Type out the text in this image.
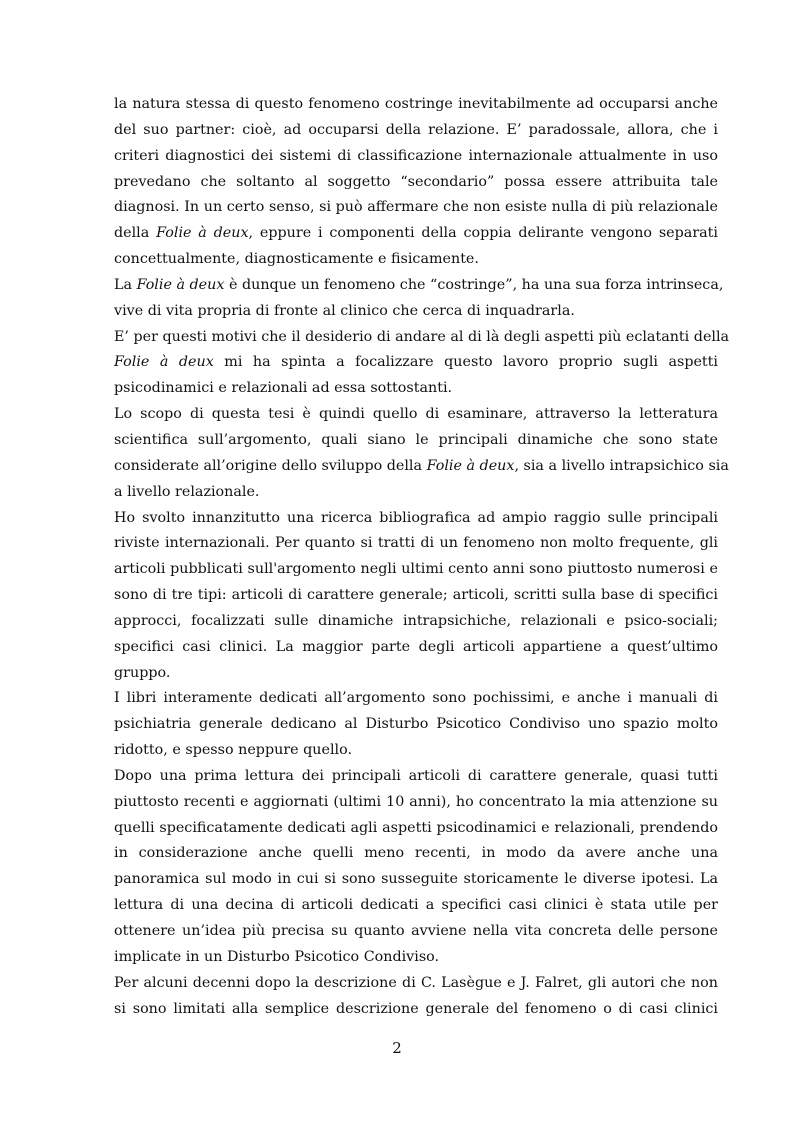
la natura stessa di questo fenomeno costringe inevitabilmente ad occuparsi anche
del suo partner: cioè, ad occuparsi della relazione. E’ paradossale, allora, che i
criteri diagnostici dei sistemi di classificazione internazionale attualmente in uso
prevedano che soltanto al soggetto “secondario” possa essere attribuita tale
diagnosi. In un certo senso, si può affermare che non esiste nulla di più relazionale
della Folie à deux, eppure i componenti della coppia delirante vengono separati
concettualmente, diagnosticamente e fisicamente.
La Folie à deux è dunque un fenomeno che “costringe”, ha una sua forza intrinseca,
vive di vita propria di fronte al clinico che cerca di inquadrarla.
E’ per questi motivi che il desiderio di andare al di là degli aspetti più eclatanti della
Folie à deux mi ha spinta a focalizzare questo lavoro proprio sugli aspetti
psicodinamici e relazionali ad essa sottostanti.
Lo scopo di questa tesi è quindi quello di esaminare, attraverso la letteratura
scientifica sull’argomento, quali siano le principali dinamiche che sono state
considerate all’origine dello sviluppo della Folie à deux, sia a livello intrapsichico sia
a livello relazionale.
Ho svolto innanzitutto una ricerca bibliografica ad ampio raggio sulle principali
riviste internazionali. Per quanto si tratti di un fenomeno non molto frequente, gli
articoli pubblicati sull'argomento negli ultimi cento anni sono piuttosto numerosi e
sono di tre tipi: articoli di carattere generale; articoli, scritti sulla base di specifici
approcci, focalizzati sulle dinamiche intrapsichiche, relazionali e psico-sociali;
specifici casi clinici. La maggior parte degli articoli appartiene a quest’ultimo
gruppo.
I libri interamente dedicati all’argomento sono pochissimi, e anche i manuali di
psichiatria generale dedicano al Disturbo Psicotico Condiviso uno spazio molto
ridotto, e spesso neppure quello.
Dopo una prima lettura dei principali articoli di carattere generale, quasi tutti
piuttosto recenti e aggiornati (ultimi 10 anni), ho concentrato la mia attenzione su
quelli specificatamente dedicati agli aspetti psicodinamici e relazionali, prendendo
in considerazione anche quelli meno recenti, in modo da avere anche una
panoramica sul modo in cui si sono susseguite storicamente le diverse ipotesi. La
lettura di una decina di articoli dedicati a specifici casi clinici è stata utile per
ottenere un’idea più precisa su quanto avviene nella vita concreta delle persone
implicate in un Disturbo Psicotico Condiviso.
Per alcuni decenni dopo la descrizione di C. Lasègue e J. Falret, gli autori che non
si sono limitati alla semplice descrizione generale del fenomeno o di casi clinici
2
